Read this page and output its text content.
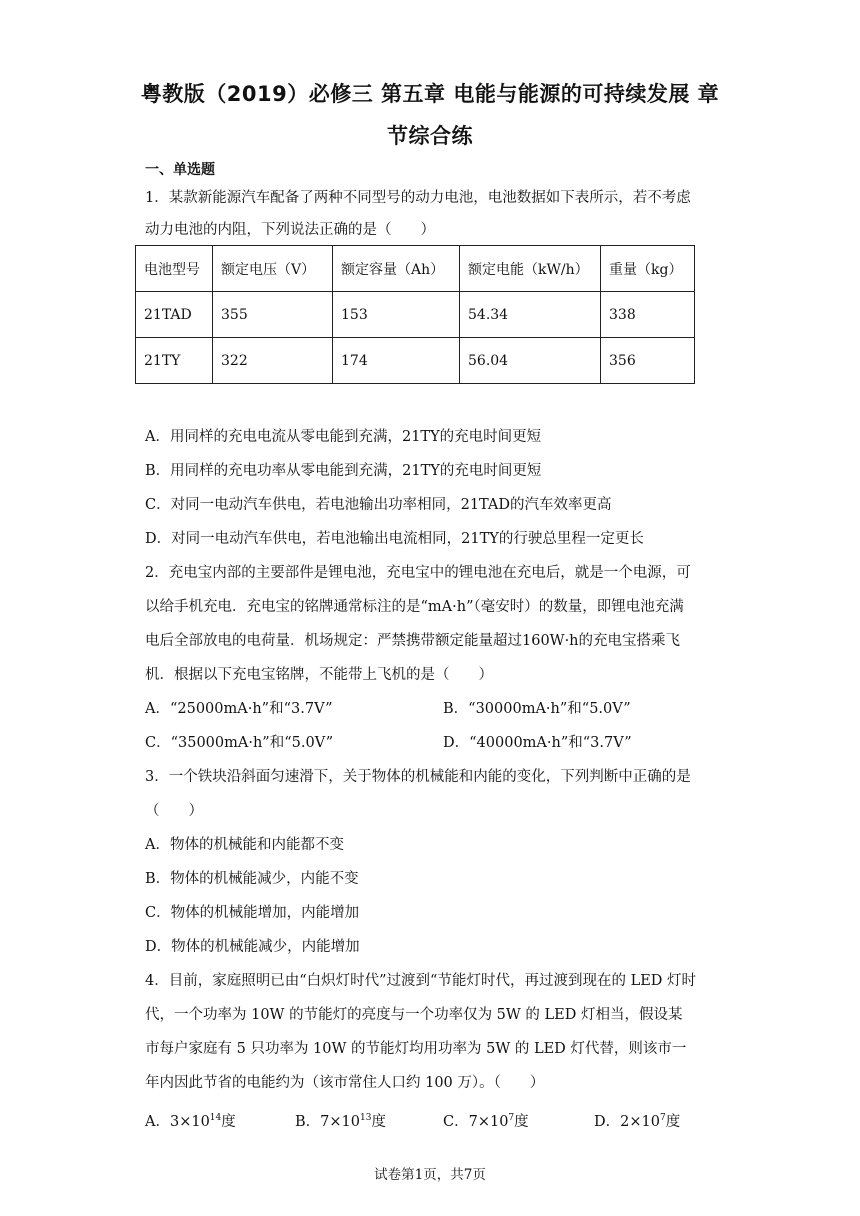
粤教版（2019）必修三 第五章 电能与能源的可持续发展 章
节综合练
一、单选题
1．某款新能源汽车配备了两种不同型号的动力电池，电池数据如下表所示，若不考虑
动力电池的内阻，下列说法正确的是（　　）
电池型号	额定电压（V）	额定容量（Ah）	额定电能（kW/h）	重量（kg）
21TAD	355	153	54.34	338
21TY	322	174	56.04	356
A．用同样的充电电流从零电能到充满，21TY的充电时间更短
B．用同样的充电功率从零电能到充满，21TY的充电时间更短
C．对同一电动汽车供电，若电池输出功率相同，21TAD的汽车效率更高
D．对同一电动汽车供电，若电池输出电流相同，21TY的行驶总里程一定更长
2．充电宝内部的主要部件是锂电池，充电宝中的锂电池在充电后，就是一个电源，可
以给手机充电．充电宝的铭牌通常标注的是“mA·h”（毫安时）的数量，即锂电池充满
电后全部放电的电荷量．机场规定：严禁携带额定能量超过160W·h的充电宝搭乘飞
机．根据以下充电宝铭牌，不能带上飞机的是（　　）
A．“25000mA·h”和“3.7V”	B．“30000mA·h”和“5.0V”
C．“35000mA·h”和“5.0V”	D．“40000mA·h”和“3.7V”
3．一个铁块沿斜面匀速滑下，关于物体的机械能和内能的变化，下列判断中正确的是
（　　）
A．物体的机械能和内能都不变
B．物体的机械能减少，内能不变
C．物体的机械能增加，内能增加
D．物体的机械能减少，内能增加
4．目前，家庭照明已由“白炽灯时代”过渡到“节能灯时代，再过渡到现在的 LED 灯时
代，一个功率为 10W 的节能灯的亮度与一个功率仅为 5W 的 LED 灯相当，假设某
市每户家庭有 5 只功率为 10W 的节能灯均用功率为 5W 的 LED 灯代替，则该市一
年内因此节省的电能约为（该市常住人口约 100 万）。（　　）
A．$3\times 10^{14}$度	B．$7\times 10^{13}$度	C．$7\times 10^7$度	D．$2\times 10^7$度
试卷第1页，共7页
